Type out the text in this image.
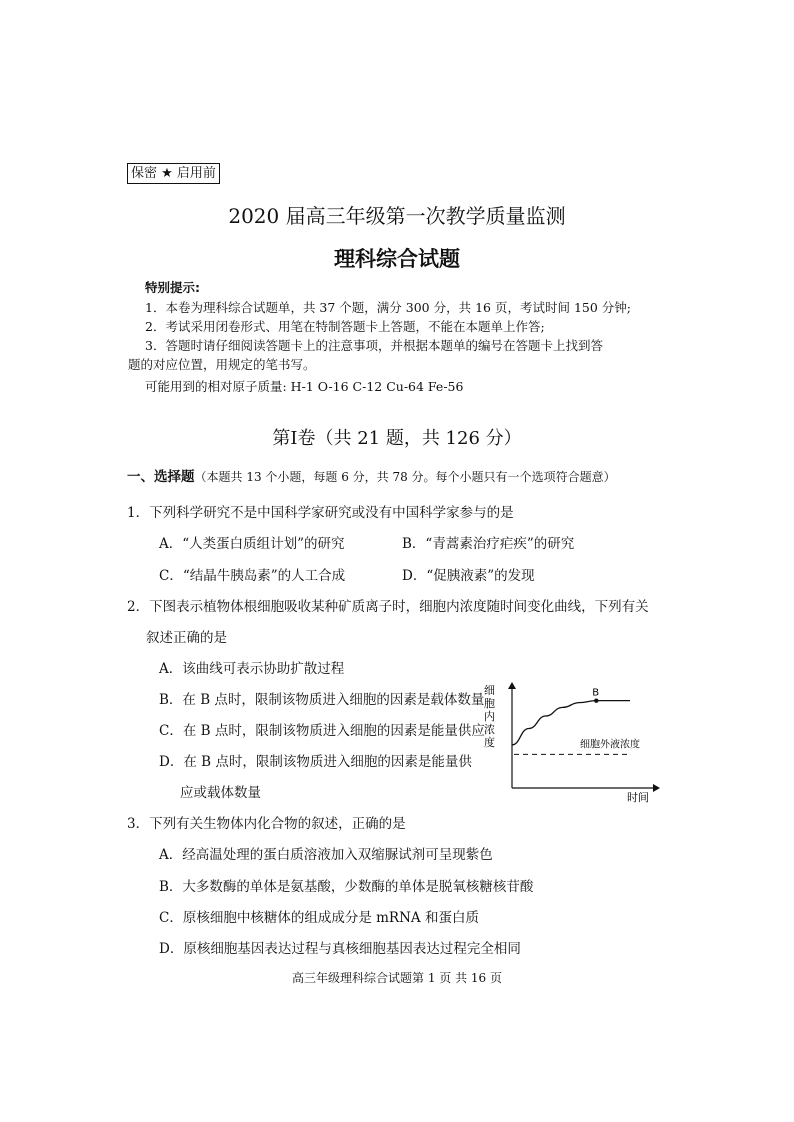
保密 ★ 启用前
2020 届高三年级第一次教学质量监测
理科综合试题
特别提示:
1．本卷为理科综合试题单，共 37 个题，满分 300 分，共 16 页，考试时间 150 分钟;
2．考试采用闭卷形式、用笔在特制答题卡上答题，不能在本题单上作答;
3．答题时请仔细阅读答题卡上的注意事项，并根据本题单的编号在答题卡上找到答
题的对应位置，用规定的笔书写。
可能用到的相对原子质量: H-1 O-16 C-12 Cu-64 Fe-56
第Ⅰ卷（共 21 题，共 126 分）
一、选择题（本题共 13 个小题，每题 6 分，共 78 分。每个小题只有一个选项符合题意）
1．下列科学研究不是中国科学家研究或没有中国科学家参与的是
A．“人类蛋白质组计划”的研究	B．“青蒿素治疗疟疾”的研究
C．“结晶牛胰岛素”的人工合成	D．“促胰液素”的发现
2．下图表示植物体根细胞吸收某种矿质离子时，细胞内浓度随时间变化曲线，下列有关
叙述正确的是
A．该曲线可表示协助扩散过程
B．在 B 点时，限制该物质进入细胞的因素是载体数量
C．在 B 点时，限制该物质进入细胞的因素是能量供应
D．在 B 点时，限制该物质进入细胞的因素是能量供
应或载体数量
细
胞
内
浓
度
时间
细胞外液浓度
B
3．下列有关生物体内化合物的叙述，正确的是
A．经高温处理的蛋白质溶液加入双缩脲试剂可呈现紫色
B．大多数酶的单体是氨基酸，少数酶的单体是脱氧核糖核苷酸
C．原核细胞中核糖体的组成成分是 mRNA 和蛋白质
D．原核细胞基因表达过程与真核细胞基因表达过程完全相同
高三年级理科综合试题第 1 页 共 16 页
